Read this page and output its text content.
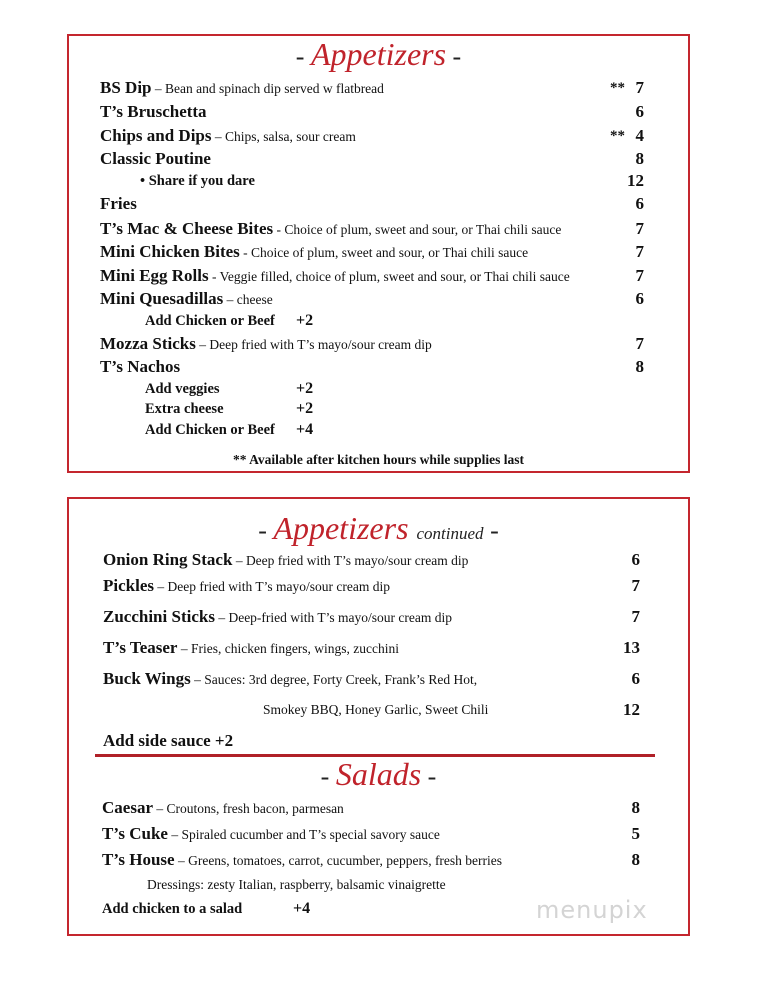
- Appetizers -
** Available after kitchen hours while supplies last
- Appetizers continued -
- Salads -
menupix
BS Dip – Bean and spinach dip served w flatbread	** 7
T’s Bruschetta	6
Chips and Dips – Chips, salsa, sour cream	** 4
Classic Poutine	8
• Share if you dare	12
Fries	6
T’s Mac & Cheese Bites - Choice of plum, sweet and sour, or Thai chili sauce	7
Mini Chicken Bites - Choice of plum, sweet and sour, or Thai chili sauce	7
Mini Egg Rolls - Veggie filled, choice of plum, sweet and sour, or Thai chili sauce	7
Mini Quesadillas – cheese	6
Add Chicken or Beef +2
Mozza Sticks – Deep fried with T’s mayo/sour cream dip	7
T’s Nachos	8
Add veggies	+2
Extra cheese	+2
Add Chicken or Beef +4
Onion Ring Stack – Deep fried with T’s mayo/sour cream dip	6
Pickles – Deep fried with T’s mayo/sour cream dip	7
Zucchini Sticks – Deep-fried with T’s mayo/sour cream dip	7
T’s Teaser – Fries, chicken fingers, wings, zucchini	13
Buck Wings – Sauces: 3rd degree, Forty Creek, Frank’s Red Hot,	6
Smokey BBQ, Honey Garlic, Sweet Chili	12
Add side sauce +2
Caesar – Croutons, fresh bacon, parmesan	8
T’s Cuke – Spiraled cucumber and T’s special savory sauce	5
T’s House – Greens, tomatoes, carrot, cucumber, peppers, fresh berries	8
Dressings: zesty Italian, raspberry, balsamic vinaigrette
Add chicken to a salad	+4
